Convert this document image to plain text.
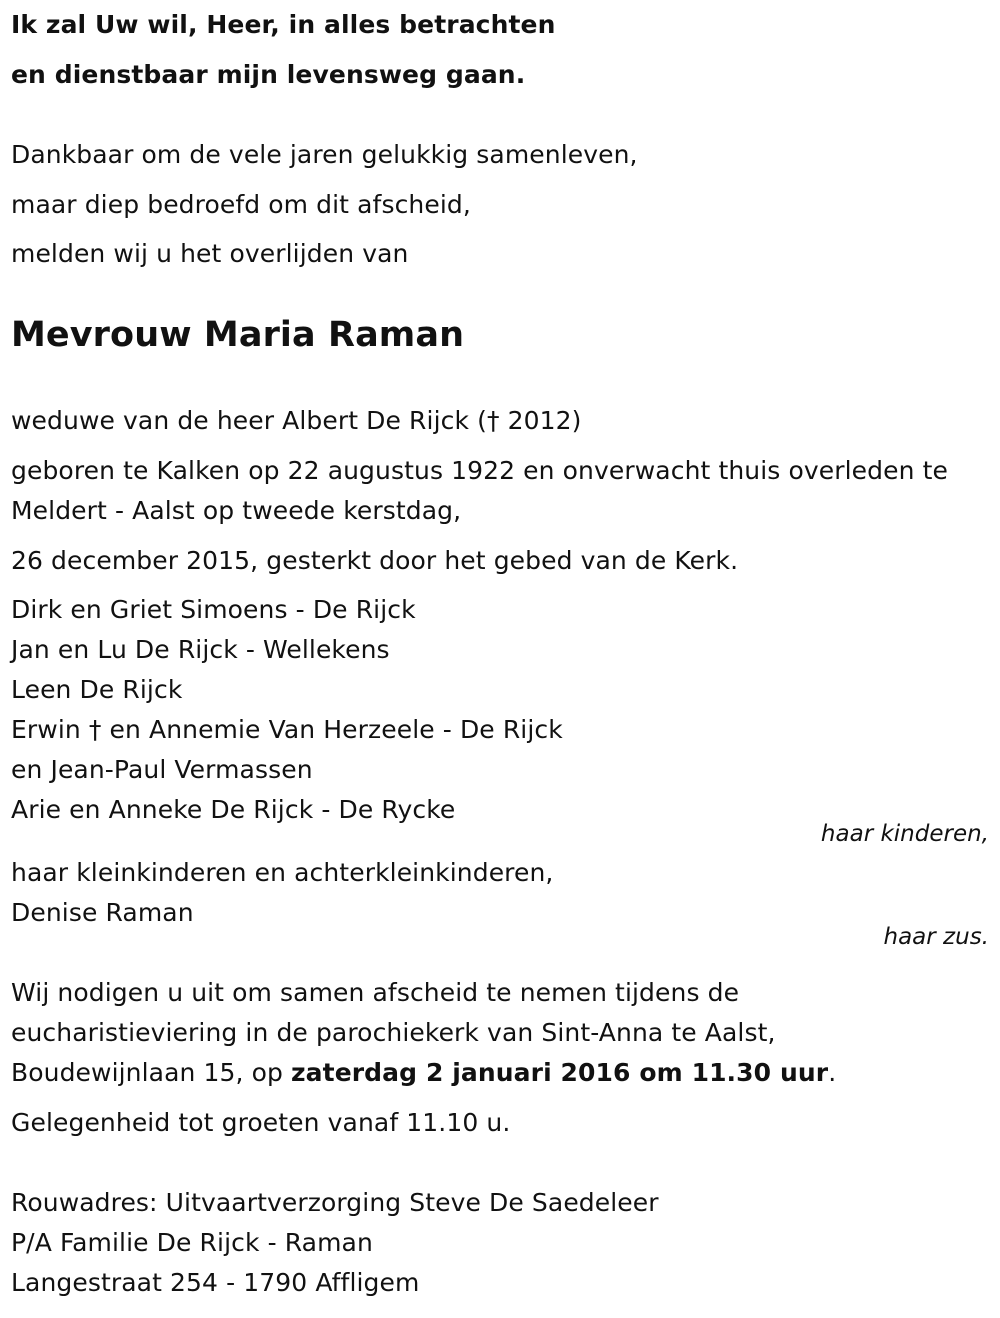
Ik zal Uw wil, Heer, in alles betrachten
en dienstbaar mijn levensweg gaan.
Dankbaar om de vele jaren gelukkig samenleven,
maar diep bedroefd om dit afscheid,
melden wij u het overlijden van
Mevrouw Maria Raman
weduwe van de heer Albert De Rijck († 2012)
geboren te Kalken op 22 augustus 1922 en onverwacht thuis overleden te
Meldert - Aalst op tweede kerstdag,
26 december 2015, gesterkt door het gebed van de Kerk.
Dirk en Griet Simoens - De Rijck
Jan en Lu De Rijck - Wellekens
Leen De Rijck
Erwin † en Annemie Van Herzeele - De Rijck
en Jean-Paul Vermassen
Arie en Anneke De Rijck - De Rycke
haar kinderen,
haar kleinkinderen en achterkleinkinderen,
Denise Raman
haar zus.
Wij nodigen u uit om samen afscheid te nemen tijdens de
eucharistieviering in de parochiekerk van Sint-Anna te Aalst,
Boudewijnlaan 15, op zaterdag 2 januari 2016 om 11.30 uur.
Gelegenheid tot groeten vanaf 11.10 u.
Rouwadres: Uitvaartverzorging Steve De Saedeleer
P/A Familie De Rijck - Raman
Langestraat 254 - 1790 Affligem
